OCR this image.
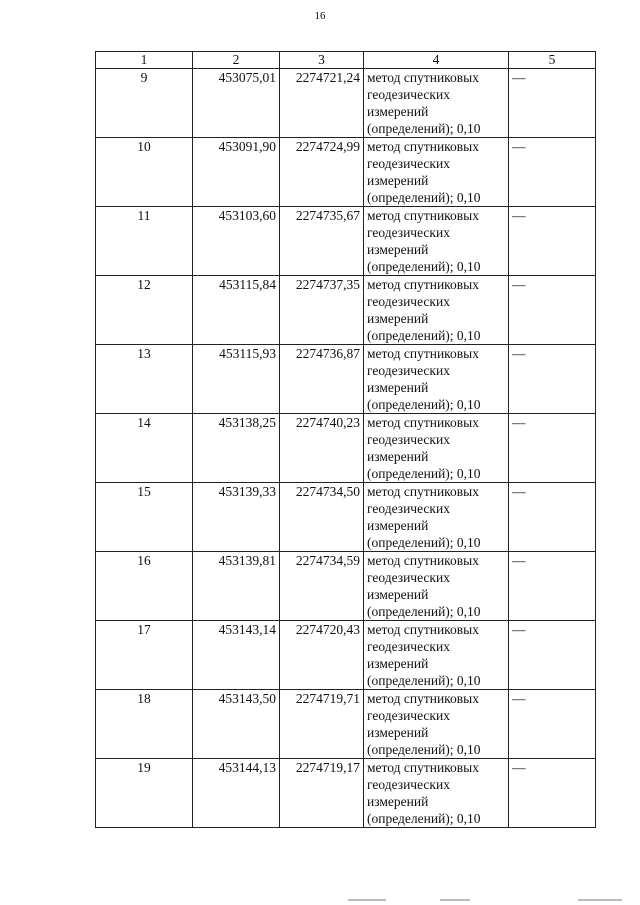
16
1	2	3	4	5
9	453075,01	2274721,24	метод спутниковых геодезических измерений (определений); 0,10	—
10	453091,90	2274724,99	метод спутниковых геодезических измерений (определений); 0,10	—
11	453103,60	2274735,67	метод спутниковых геодезических измерений (определений); 0,10	—
12	453115,84	2274737,35	метод спутниковых геодезических измерений (определений); 0,10	—
13	453115,93	2274736,87	метод спутниковых геодезических измерений (определений); 0,10	—
14	453138,25	2274740,23	метод спутниковых геодезических измерений (определений); 0,10	—
15	453139,33	2274734,50	метод спутниковых геодезических измерений (определений); 0,10	—
16	453139,81	2274734,59	метод спутниковых геодезических измерений (определений); 0,10	—
17	453143,14	2274720,43	метод спутниковых геодезических измерений (определений); 0,10	—
18	453143,50	2274719,71	метод спутниковых геодезических измерений (определений); 0,10	—
19	453144,13	2274719,17	метод спутниковых геодезических измерений (определений); 0,10	—
